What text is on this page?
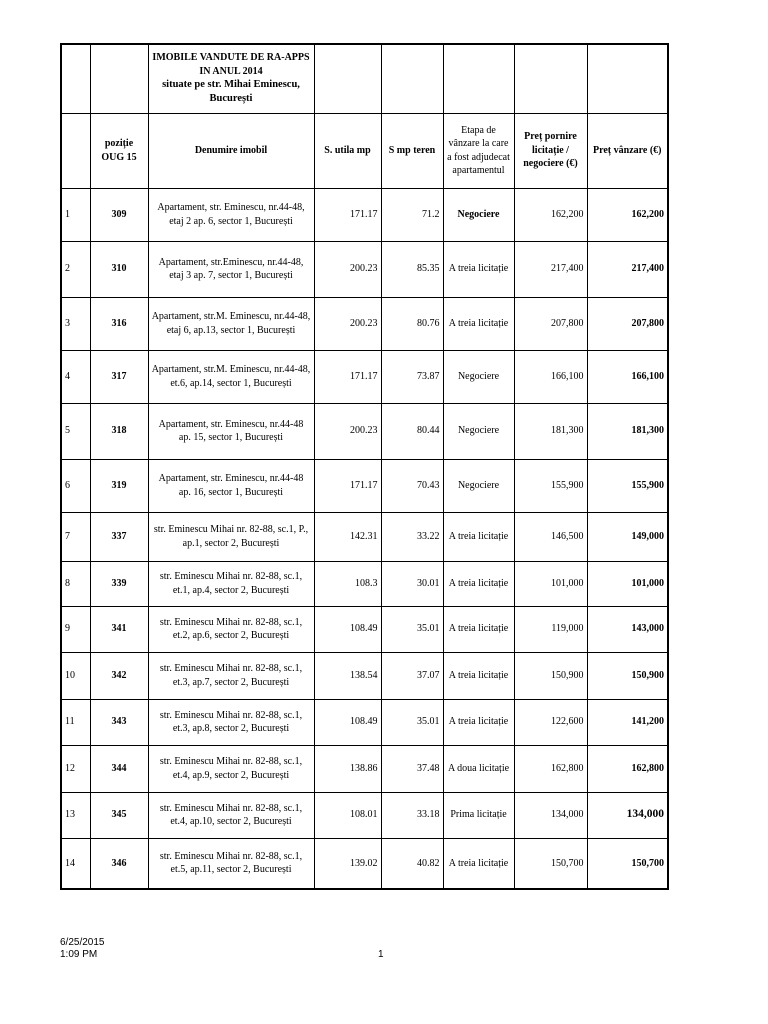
		IMOBILE VANDUTE DE RA-APPS IN ANUL 2014
situate pe str. Mihai Eminescu, București					

	poziție OUG 15	Denumire imobil	S. utila mp	S mp teren	Etapa de vânzare la care a fost adjudecat apartamentul	Preț pornire licitație / negociere (€)	Preț vânzare (€)
1	309	Apartament, str. Eminescu, nr.44-48, etaj 2 ap. 6, sector 1, București	171.17	71.2	Negociere	162,200	162,200
2	310	Apartament, str.Eminescu, nr.44-48, etaj 3 ap. 7, sector 1, București	200.23	85.35	A treia licitație	217,400	217,400
3	316	Apartament, str.M. Eminescu, nr.44-48, etaj 6, ap.13, sector 1, București	200.23	80.76	A treia licitație	207,800	207,800
4	317	Apartament, str.M. Eminescu, nr.44-48, et.6, ap.14, sector 1, București	171.17	73.87	Negociere	166,100	166,100
5	318	Apartament, str. Eminescu, nr.44-48 ap. 15, sector 1, București	200.23	80.44	Negociere	181,300	181,300
6	319	Apartament, str. Eminescu, nr.44-48 ap. 16, sector 1, București	171.17	70.43	Negociere	155,900	155,900
7	337	str. Eminescu Mihai nr. 82-88, sc.1, P., ap.1, sector 2, București	142.31	33.22	A treia licitație	146,500	149,000
8	339	str. Eminescu Mihai nr. 82-88, sc.1, et.1, ap.4, sector 2, București	108.3	30.01	A treia licitație	101,000	101,000
9	341	str. Eminescu Mihai nr. 82-88, sc.1, et.2, ap.6, sector 2, București	108.49	35.01	A treia licitație	119,000	143,000
10	342	str. Eminescu Mihai nr. 82-88, sc.1, et.3, ap.7, sector 2, București	138.54	37.07	A treia licitație	150,900	150,900
11	343	str. Eminescu Mihai nr. 82-88, sc.1, et.3, ap.8, sector 2, București	108.49	35.01	A treia licitație	122,600	141,200
12	344	str. Eminescu Mihai nr. 82-88, sc.1, et.4, ap.9, sector 2, București	138.86	37.48	A doua licitație	162,800	162,800
13	345	str. Eminescu Mihai nr. 82-88, sc.1, et.4, ap.10, sector 2, București	108.01	33.18	Prima licitație	134,000	134,000
14	346	str. Eminescu Mihai nr. 82-88, sc.1, et.5, ap.11, sector 2, București	139.02	40.82	A treia licitație	150,700	150,700
6/25/2015
1:09 PM	1
